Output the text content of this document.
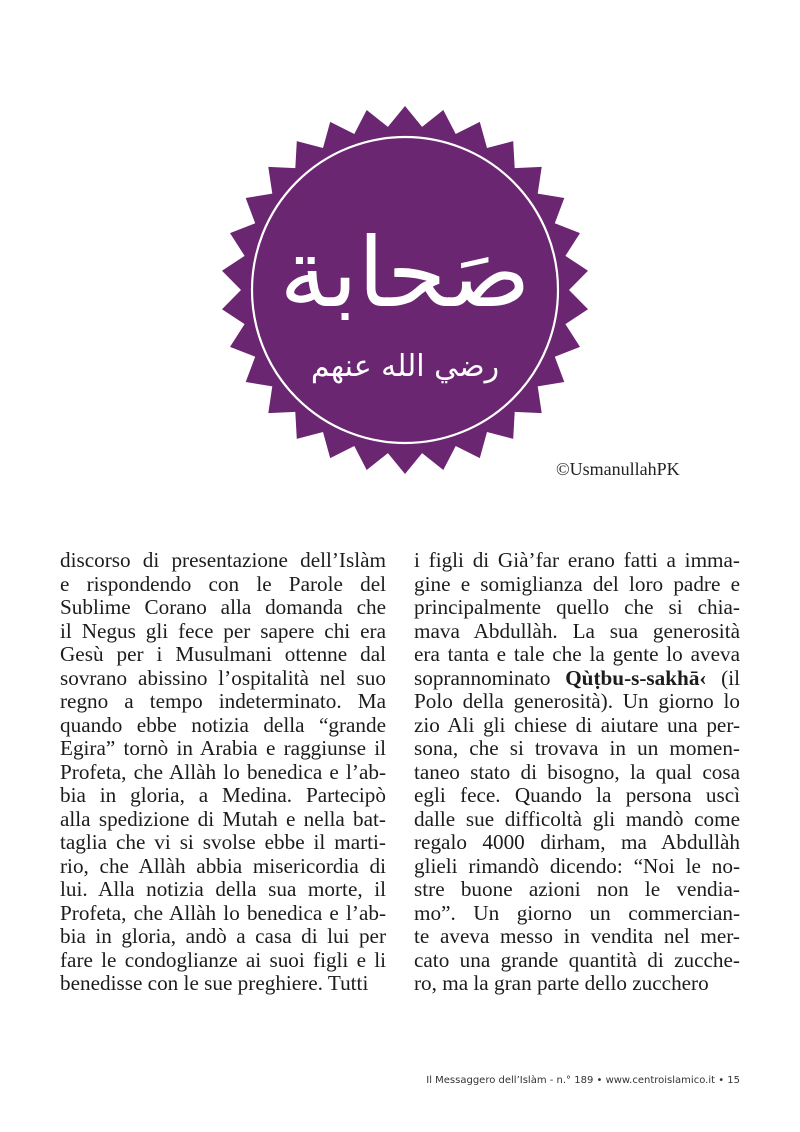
صَحابة
رضي الله عنهم
©UsmanullahPK
discorso di presentazione dell’Islàm
e rispondendo con le Parole del
Sublime Corano alla domanda che
il Negus gli fece per sapere chi era
Gesù per i Musulmani ottenne dal
sovrano abissino l’ospitalità nel suo
regno a tempo indeterminato. Ma
quando ebbe notizia della “grande
Egira” tornò in Arabia e raggiunse il
Profeta, che Allàh lo benedica e l’ab-
bia in gloria, a Medina. Partecipò
alla spedizione di Mutah e nella bat-
taglia che vi si svolse ebbe il marti-
rio, che Allàh abbia misericordia di
lui. Alla notizia della sua morte, il
Profeta, che Allàh lo benedica e l’ab-
bia in gloria, andò a casa di lui per
fare le condoglianze ai suoi figli e li
benedisse con le sue preghiere. Tutti
i figli di Già’far erano fatti a imma-
gine e somiglianza del loro padre e
principalmente quello che si chia-
mava Abdullàh. La sua generosità
era tanta e tale che la gente lo aveva
soprannominato Qùṭbu-s-sakhā‹ (il
Polo della generosità). Un giorno lo
zio Ali gli chiese di aiutare una per-
sona, che si trovava in un momen-
taneo stato di bisogno, la qual cosa
egli fece. Quando la persona uscì
dalle sue difficoltà gli mandò come
regalo 4000 dirham, ma Abdullàh
glieli rimandò dicendo: “Noi le no-
stre buone azioni non le vendia-
mo”. Un giorno un commercian-
te aveva messo in vendita nel mer-
cato una grande quantità di zucche-
ro, ma la gran parte dello zucchero
Il Messaggero dell’Islàm - n.° 189 • www.centroislamico.it • 15
